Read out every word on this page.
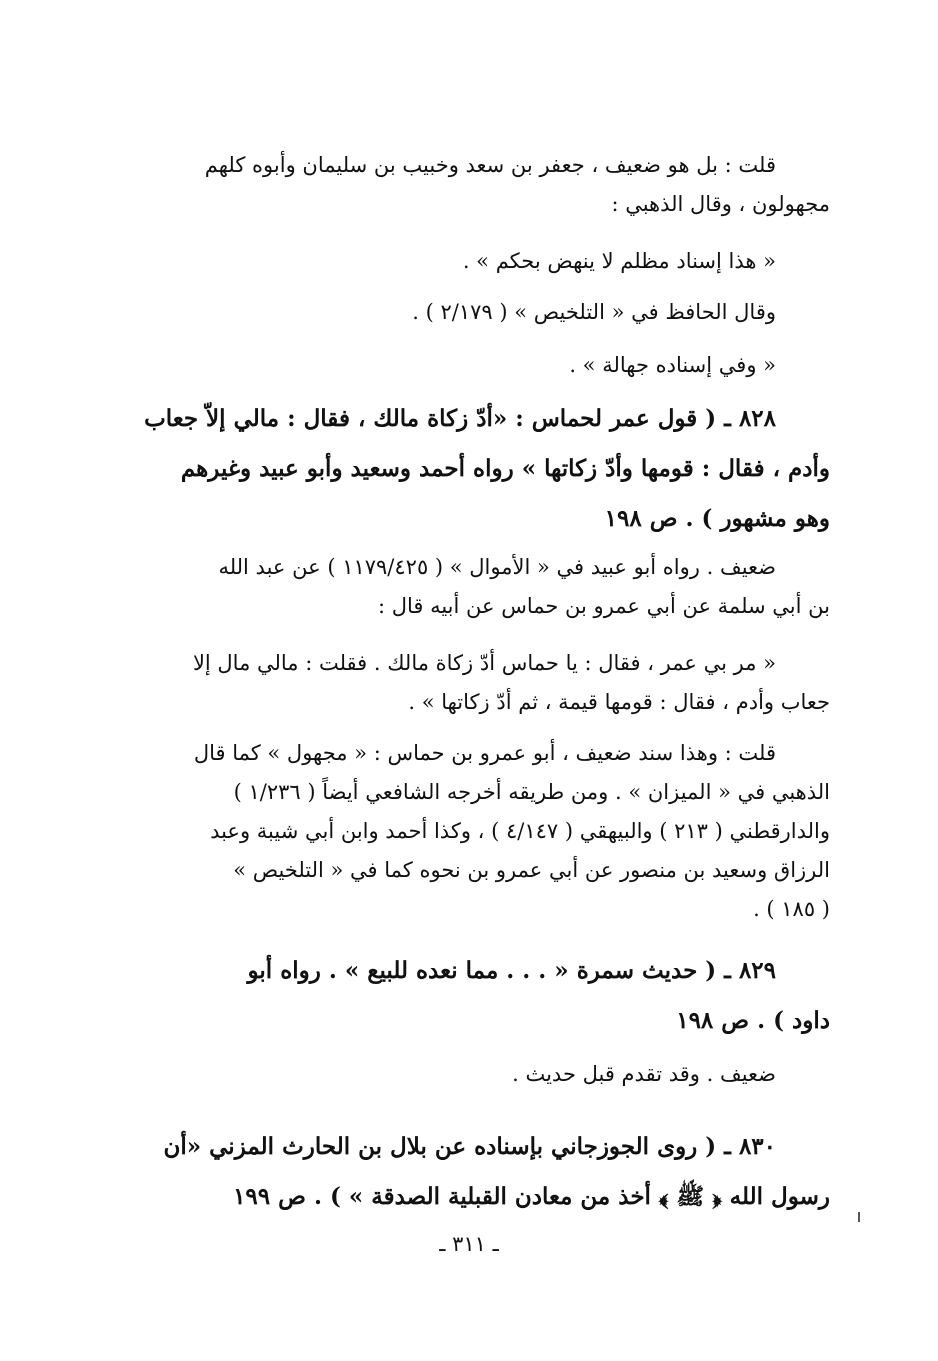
قلت : بل هو ضعيف ، جعفر بن سعد وخبيب بن سليمان وأبوه كلهم
مجهولون ، وقال الذهبي :
« هذا إسناد مظلم لا ينهض بحكم » .
وقال الحافظ في « التلخيص » ( ٢/١٧٩ ) .
« وفي إسناده جهالة » .
٨٢٨ ـ ( قول عمر لحماس : «أدّ زكاة مالك ، فقال : مالي إلاّ جعاب
وأدم ، فقال : قومها وأدّ زكاتها » رواه أحمد وسعيد وأبو عبيد وغيرهم
وهو مشهور ) . ص ١٩٨
ضعيف . رواه أبو عبيد في « الأموال » ( ١١٧٩/٤٢٥ ) عن عبد الله
بن أبي سلمة عن أبي عمرو بن حماس عن أبيه قال :
« مر بي عمر ، فقال : يا حماس أدّ زكاة مالك . فقلت : مالي مال إلا
جعاب وأدم ، فقال : قومها قيمة ، ثم أدّ زكاتها » .
قلت : وهذا سند ضعيف ، أبو عمرو بن حماس : « مجهول » كما قال
الذهبي في « الميزان » . ومن طريقه أخرجه الشافعي أيضاً ( ١/٢٣٦ )
والدارقطني ( ٢١٣ ) والبيهقي ( ٤/١٤٧ ) ، وكذا أحمد وابن أبي شيبة وعبد
الرزاق وسعيد بن منصور عن أبي عمرو بن نحوه كما في « التلخيص »
( ١٨٥ ) .
٨٢٩ ـ ( حديث سمرة « . . . مما نعده للبيع » . رواه أبو
داود ) . ص ١٩٨
ضعيف . وقد تقدم قبل حديث .
٨٣٠ ـ ( روى الجوزجاني بإسناده عن بلال بن الحارث المزني «أن
رسول الله ﴿ ﷺ ﴾ أخذ من معادن القبلية الصدقة » ) . ص ١٩٩
ـ ٣١١ ـ
